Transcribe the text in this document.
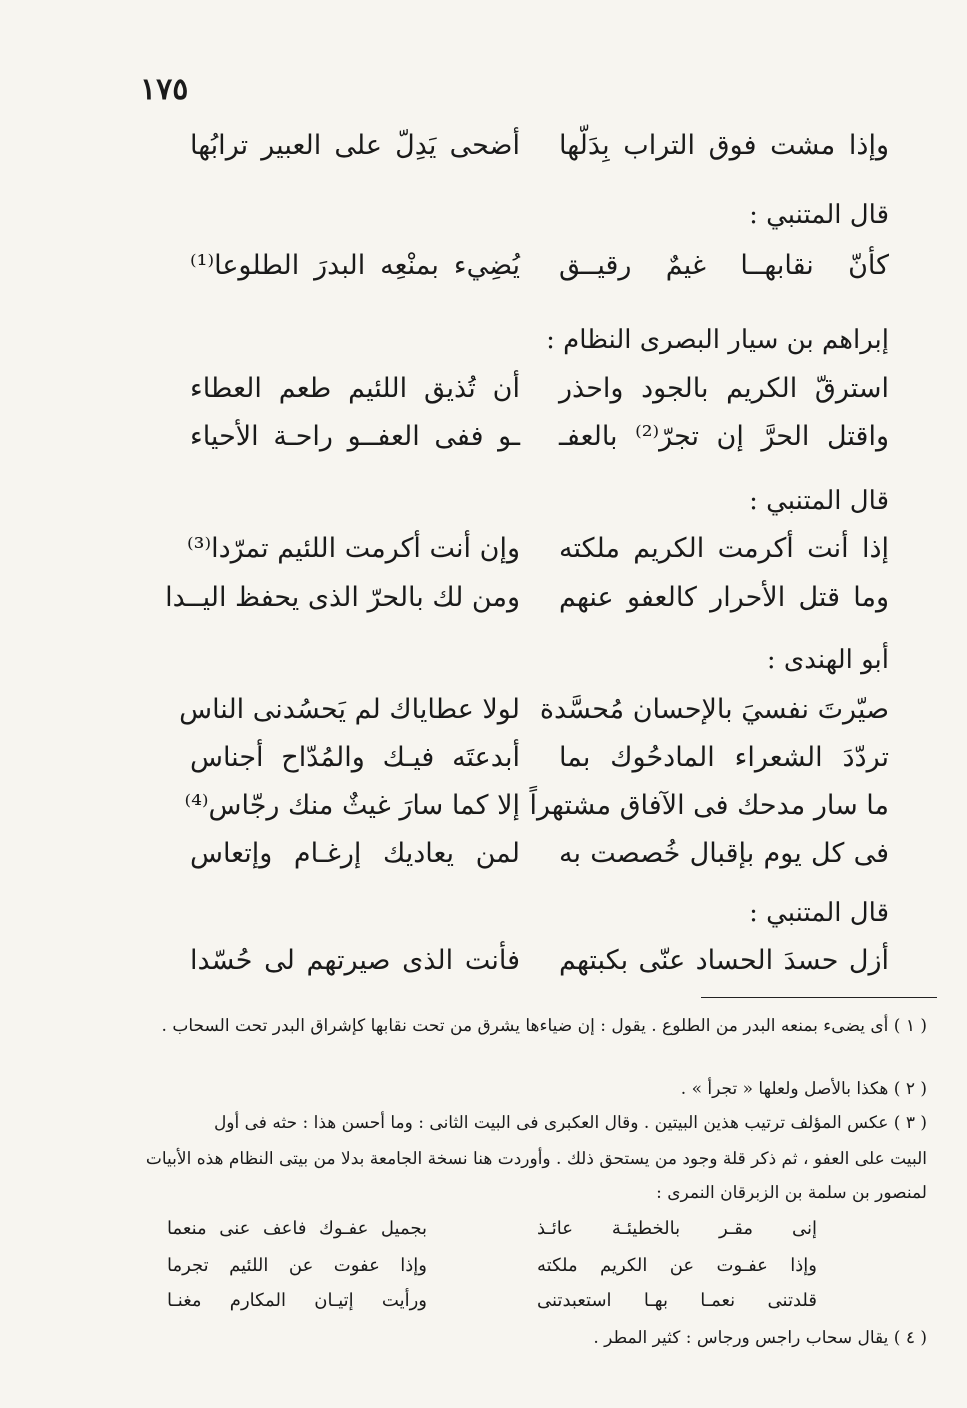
١٧٥
وإذا مشت فوق التراب بِدَلّها
أضحى يَدِلّ على العبير ترابُها
قال المتنبي :
كأنّ نقابهــا غيمٌ رقيــق
يُضِيء بمنْعِه البدرَ الطلوعا⁽¹⁾
إبراهم بن سيار البصرى النظام :
استرقّ الكريم بالجود واحذر
أن تُذيق اللئيم طعم العطاء
واقتل الحرَّ إن تجرّ⁽²⁾ بالعفـ
ـو ففى العفــو راحـة الأحياء
قال المتنبي :
إذا أنت أكرمت الكريم ملكته
وإن أنت أكرمت اللئيم تمرّدا⁽³⁾
وما قتل الأحرار كالعفو عنهم
ومن لك بالحرّ الذى يحفظ اليــدا
أبو الهندى :
صيّرتَ نفسيَ بالإحسان مُحسَّدة
لولا عطاياك لم يَحسُدنى الناس
تردّدَ الشعراء المادحُوك بما
أبدعتَه فيـك والمُدّاح أجناس
ما سار مدحك فى الآفاق مشتهراً
إلا كما سارَ غيثٌ منك رجّاس⁽⁴⁾
فى كل يوم بإقبال خُصصت به
لمن يعاديك إرغـام وإتعاس
قال المتنبي :
أزل حسدَ الحساد عنّى بكبتهم
فأنت الذى صيرتهم لى حُسّدا
( ١ ) أى يضىء بمنعه البدر من الطلوع . يقول : إن ضياءها يشرق من تحت نقابها كإشراق البدر تحت السحاب .
( ٢ ) هكذا بالأصل ولعلها « تجرأ » .
( ٣ ) عكس المؤلف ترتيب هذين البيتين . وقال العكبرى فى البيت الثانى : وما أحسن هذا : حثه فى أول
البيت على العفو ، ثم ذكر قلة وجود من يستحق ذلك . وأوردت هنا نسخة الجامعة بدلا من بيتى النظام هذه الأبيات
لمنصور بن سلمة بن الزبرقان النمرى :
إنى مقـر بالخطيئـة عائـذ
بجميل عفـوك فاعف عنى منعما
وإذا عفـوت عن الكريم ملكته
وإذا عفوت عن اللئيم تجرما
قلدتنى نعمـا بهـا استعبدتنى
ورأيت إتيـان المكارم مغنـا
( ٤ ) يقال سحاب راجس ورجاس : كثير المطر .
